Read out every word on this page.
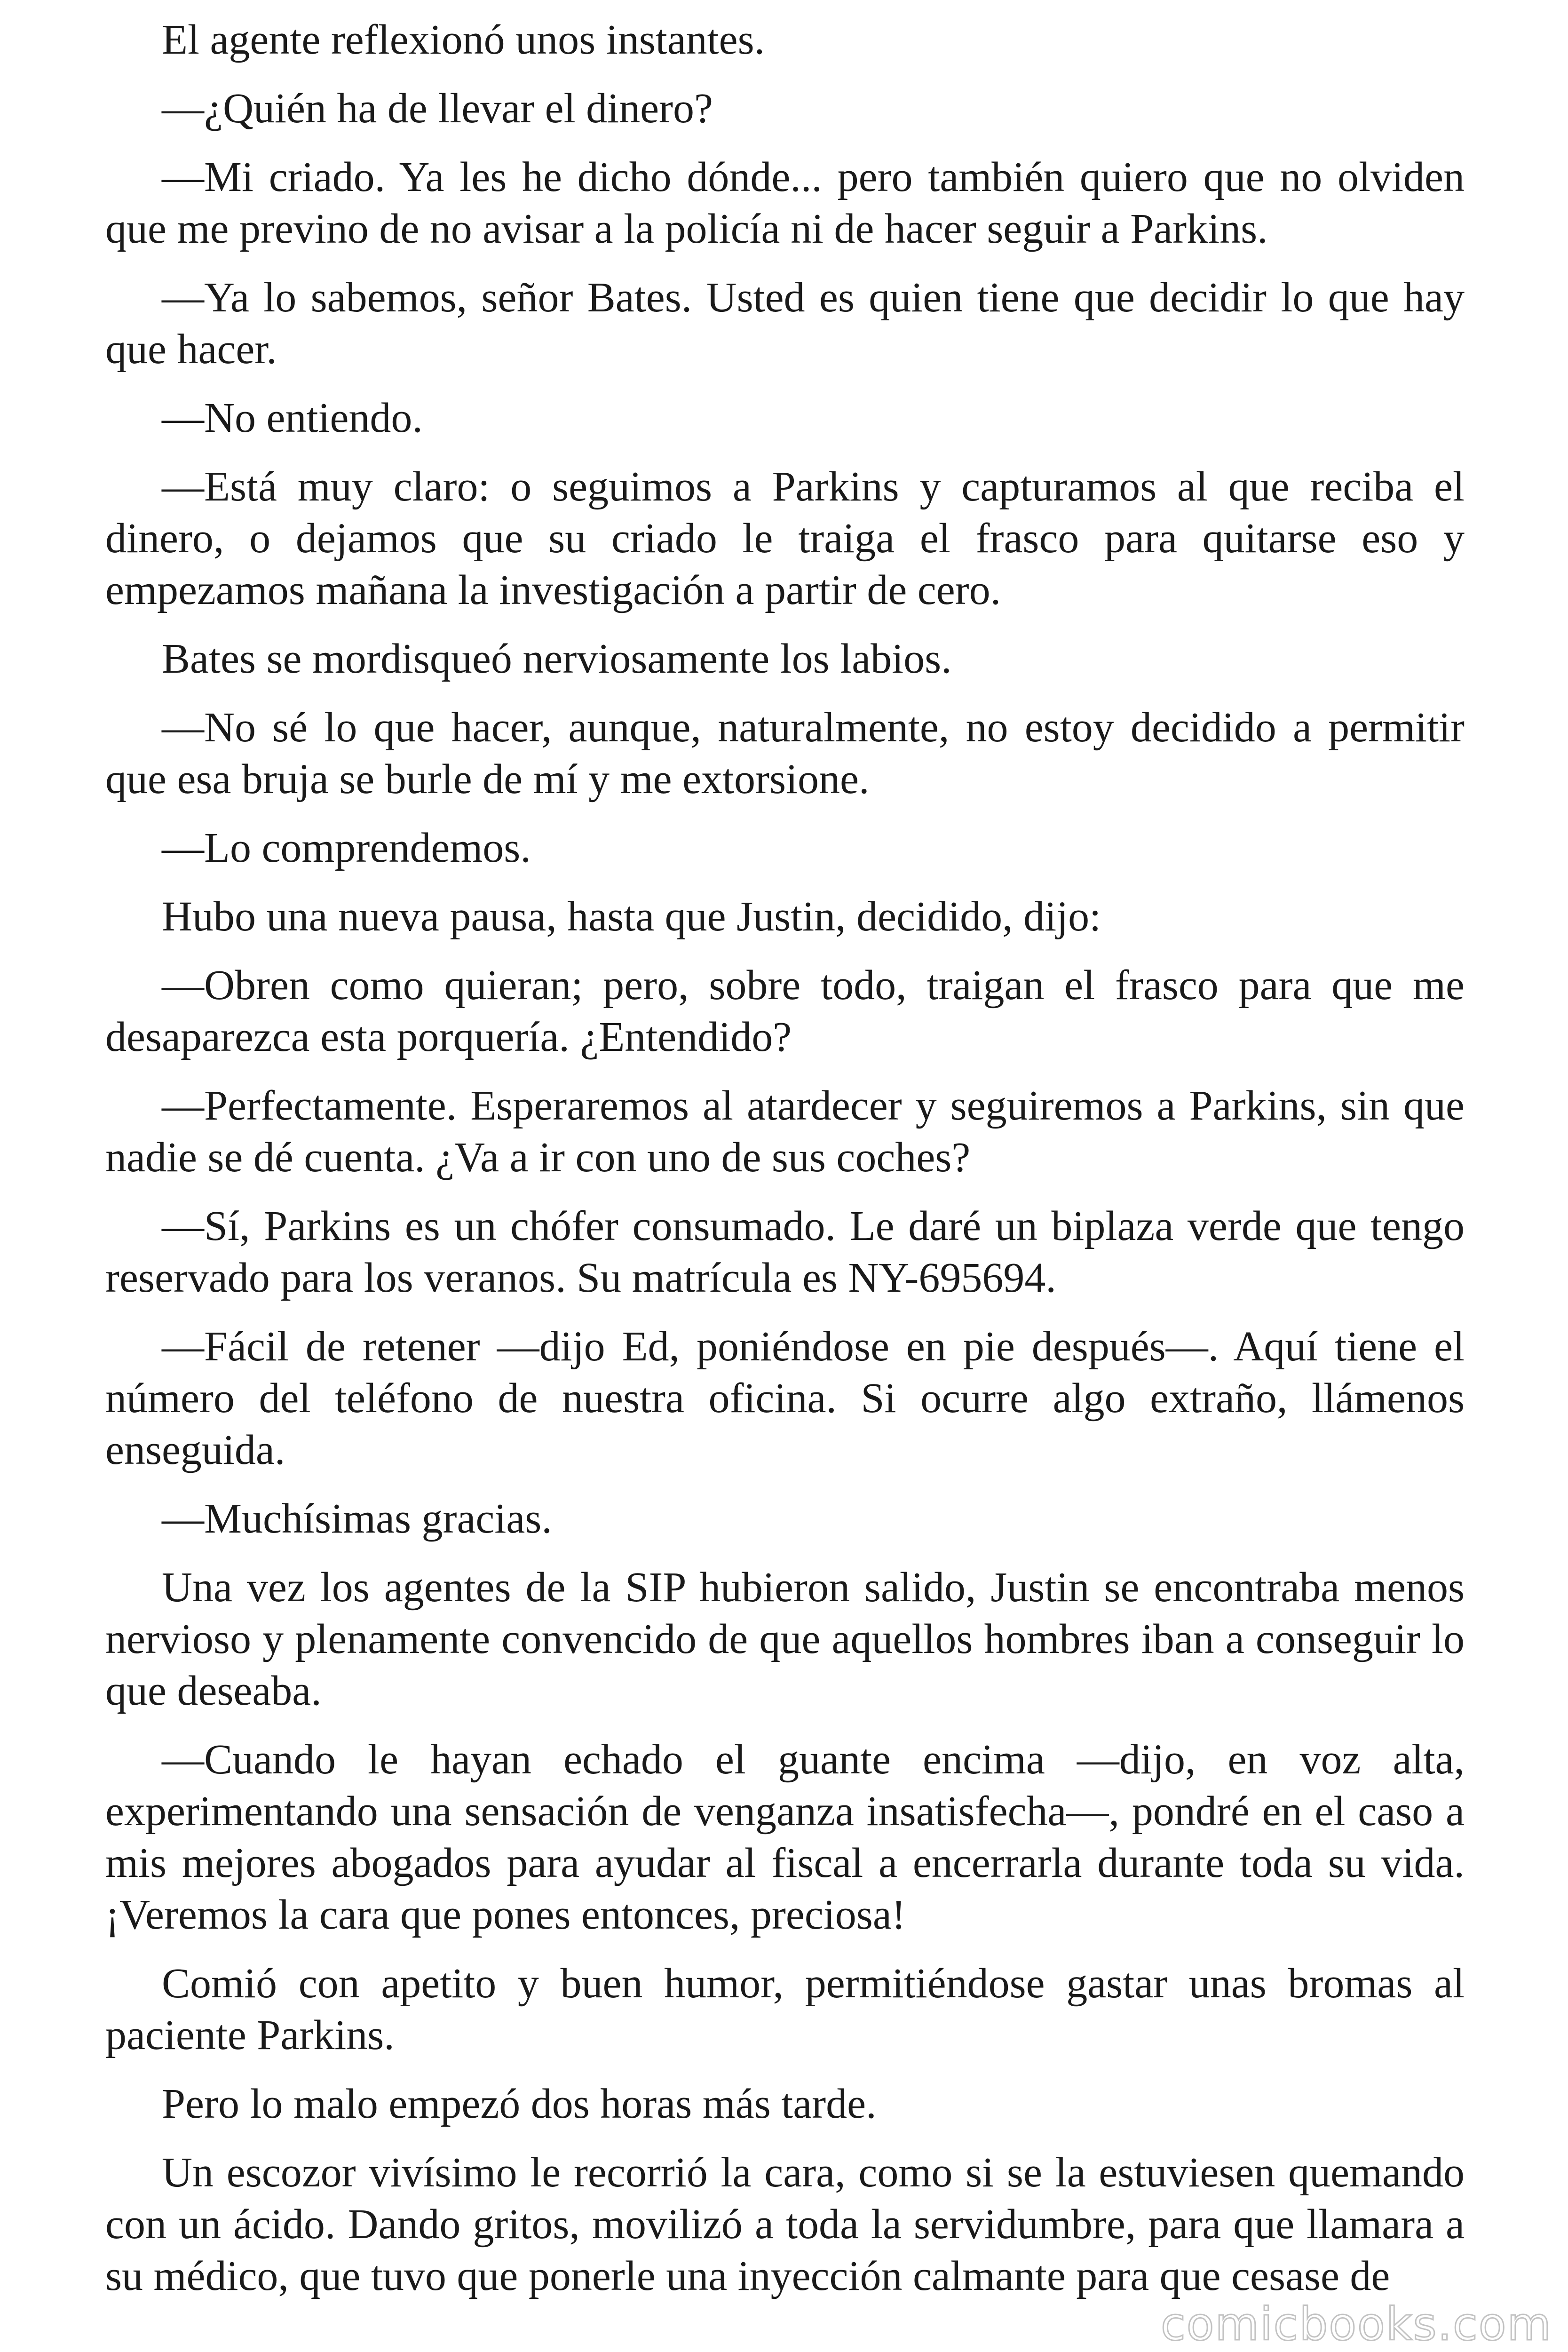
El agente reflexionó unos instantes.

—¿Quién ha de llevar el dinero?

—Mi criado. Ya les he dicho dónde... pero también quiero que no olviden que me previno de no avisar a la policía ni de hacer seguir a Parkins.

—Ya lo sabemos, señor Bates. Usted es quien tiene que decidir lo que hay que hacer.

—No entiendo.

—Está muy claro: o seguimos a Parkins y capturamos al que reciba el dinero, o dejamos que su criado le traiga el frasco para quitarse eso y empezamos mañana la investigación a partir de cero.

Bates se mordisqueó nerviosamente los labios.

—No sé lo que hacer, aunque, naturalmente, no estoy decidido a permitir que esa bruja se burle de mí y me extorsione.

—Lo comprendemos.

Hubo una nueva pausa, hasta que Justin, decidido, dijo:

—Obren como quieran; pero, sobre todo, traigan el frasco para que me desaparezca esta porquería. ¿Entendido?

—Perfectamente. Esperaremos al atardecer y seguiremos a Parkins, sin que nadie se dé cuenta. ¿Va a ir con uno de sus coches?

—Sí, Parkins es un chófer consumado. Le daré un biplaza verde que tengo reservado para los veranos. Su matrícula es NY-695694.

—Fácil de retener —dijo Ed, poniéndose en pie después—. Aquí tiene el número del teléfono de nuestra oficina. Si ocurre algo extraño, llámenos enseguida.

—Muchísimas gracias.

Una vez los agentes de la SIP hubieron salido, Justin se encontraba menos nervioso y plenamente convencido de que aquellos hombres iban a conseguir lo que deseaba.

—Cuando le hayan echado el guante encima —dijo, en voz alta, experimentando una sensación de venganza insatisfecha—, pondré en el caso a mis mejores abogados para ayudar al fiscal a encerrarla durante toda su vida. ¡Veremos la cara que pones entonces, preciosa!

Comió con apetito y buen humor, permitiéndose gastar unas bromas al paciente Parkins.

Pero lo malo empezó dos horas más tarde.

Un escozor vivísimo le recorrió la cara, como si se la estuviesen quemando con un ácido. Dando gritos, movilizó a toda la servidumbre, para que llamara a su médico, que tuvo que ponerle una inyección calmante para que cesase de

comicbooks.com
